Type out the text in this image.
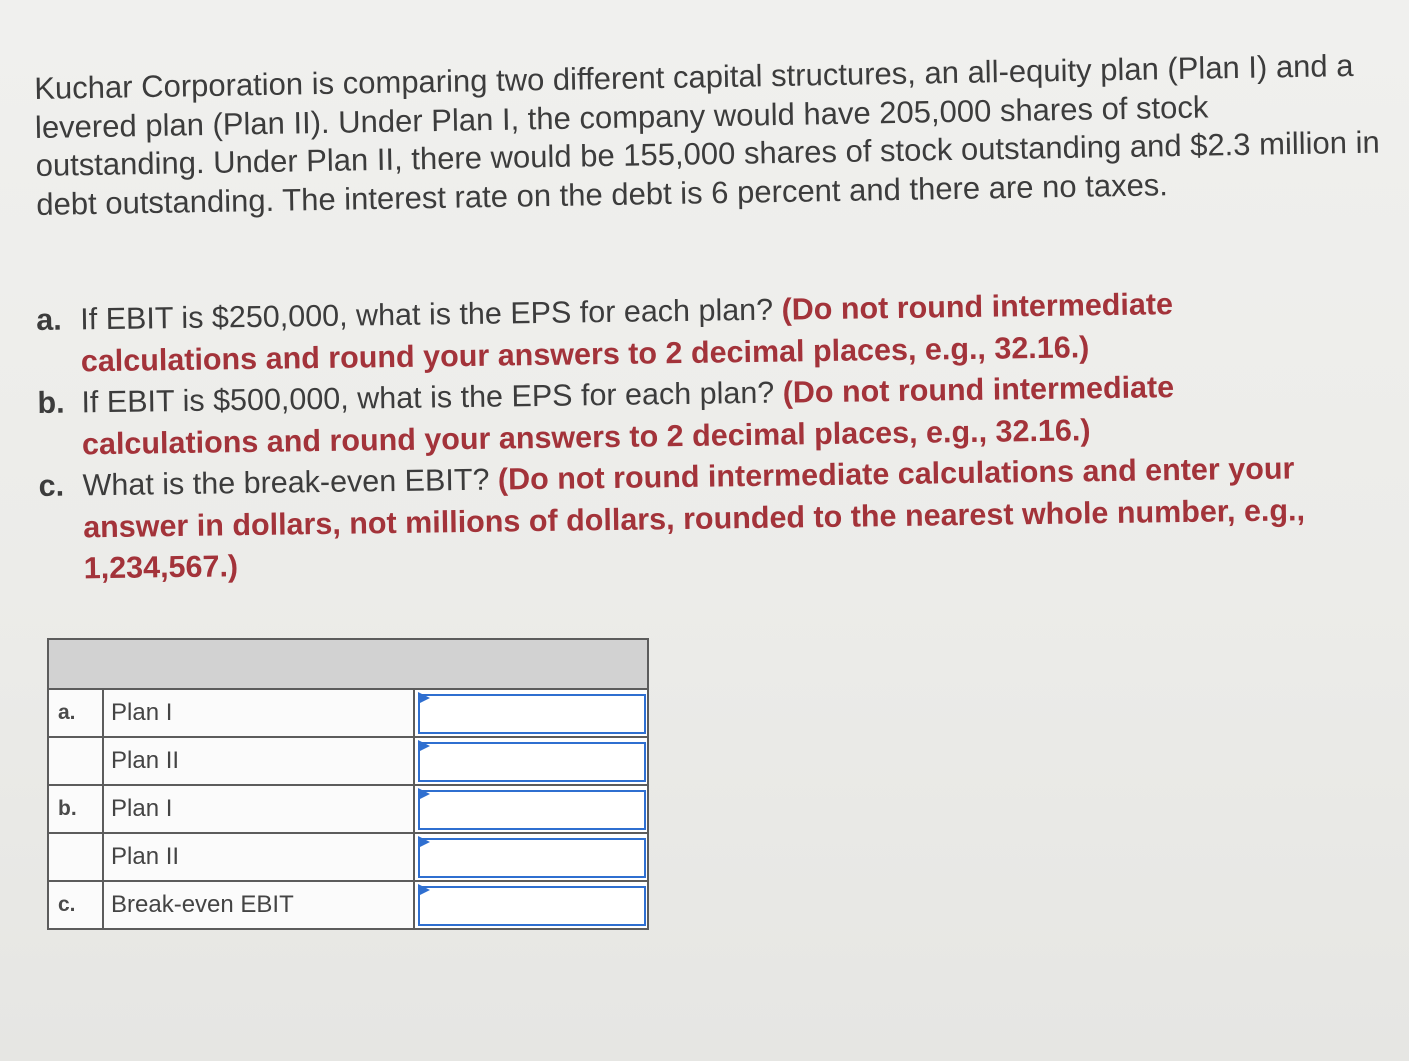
Kuchar Corporation is comparing two different capital structures, an all-equity plan (Plan I) and a levered plan (Plan II). Under Plan I, the company would have 205,000 shares of stock outstanding. Under Plan II, there would be 155,000 shares of stock outstanding and $2.3 million in debt outstanding. The interest rate on the debt is 6 percent and there are no taxes.

a. If EBIT is $250,000, what is the EPS for each plan? (Do not round intermediate calculations and round your answers to 2 decimal places, e.g., 32.16.)
b. If EBIT is $500,000, what is the EPS for each plan? (Do not round intermediate calculations and round your answers to 2 decimal places, e.g., 32.16.)
c. What is the break-even EBIT? (Do not round intermediate calculations and enter your answer in dollars, not millions of dollars, rounded to the nearest whole number, e.g., 1,234,567.)

a.	Plan I	

	Plan II	

b.	Plan I	

	Plan II	

c.	Break-even EBIT	
